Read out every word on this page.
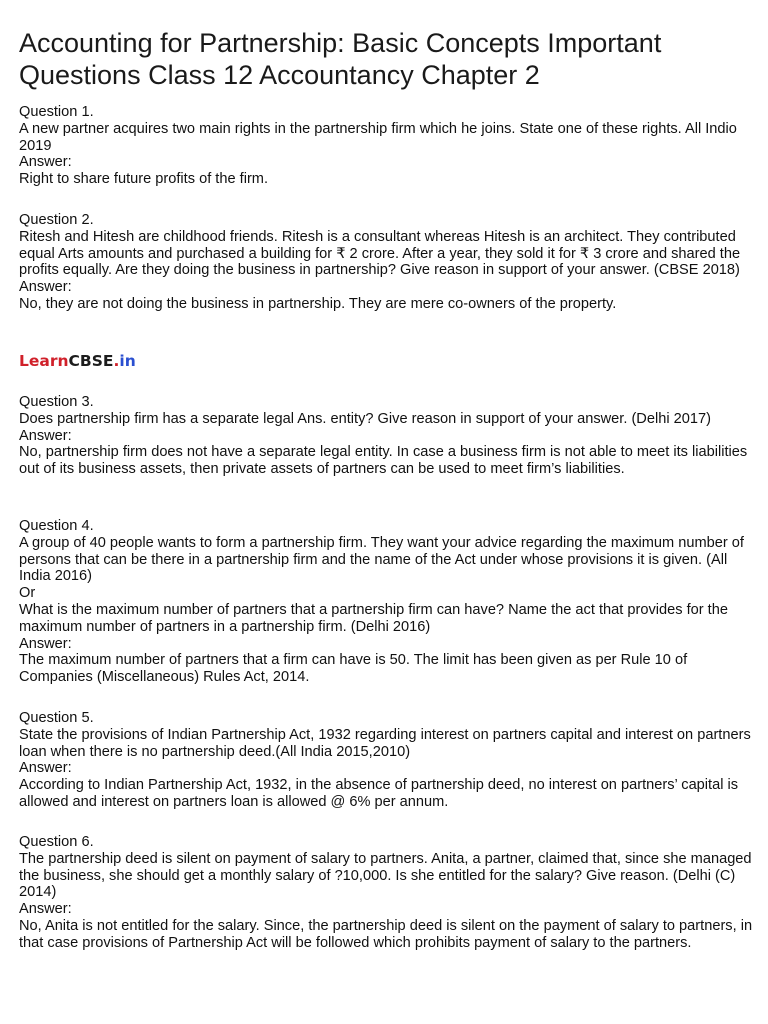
Accounting for Partnership: Basic Concepts Important Questions Class 12 Accountancy Chapter 2
Question 1.
A new partner acquires two main rights in the partnership firm which he joins. State one of these rights. All Indio 2019
Answer:
Right to share future profits of the firm.
Question 2.
Ritesh and Hitesh are childhood friends. Ritesh is a consultant whereas Hitesh is an architect. They contributed equal Arts amounts and purchased a building for ₹ 2 crore. After a year, they sold it for ₹ 3 crore and shared the profits equally. Are they doing the business in partnership? Give reason in support of your answer. (CBSE 2018)
Answer:
No, they are not doing the business in partnership. They are mere co-owners of the property.
LearnCBSE.in
Question 3.
Does partnership firm has a separate legal Ans. entity? Give reason in support of your answer. (Delhi 2017)
Answer:
No, partnership firm does not have a separate legal entity. In case a business firm is not able to meet its liabilities out of its business assets, then private assets of partners can be used to meet firm’s liabilities.
Question 4.
A group of 40 people wants to form a partnership firm. They want your advice regarding the maximum number of persons that can be there in a partnership firm and the name of the Act under whose provisions it is given. (All India 2016)
Or
What is the maximum number of partners that a partnership firm can have? Name the act that provides for the maximum number of partners in a partnership firm. (Delhi 2016)
Answer:
The maximum number of partners that a firm can have is 50. The limit has been given as per Rule 10 of Companies (Miscellaneous) Rules Act, 2014.
Question 5.
State the provisions of Indian Partnership Act, 1932 regarding interest on partners capital and interest on partners loan when there is no partnership deed.(All India 2015,2010)
Answer:
According to Indian Partnership Act, 1932, in the absence of partnership deed, no interest on partners’ capital is allowed and interest on partners loan is allowed @ 6% per annum.
Question 6.
The partnership deed is silent on payment of salary to partners. Anita, a partner, claimed that, since she managed the business, she should get a monthly salary of ?10,000. Is she entitled for the salary? Give reason. (Delhi (C) 2014)
Answer:
No, Anita is not entitled for the salary. Since, the partnership deed is silent on the payment of salary to partners, in that case provisions of Partnership Act will be followed which prohibits payment of salary to the partners.
